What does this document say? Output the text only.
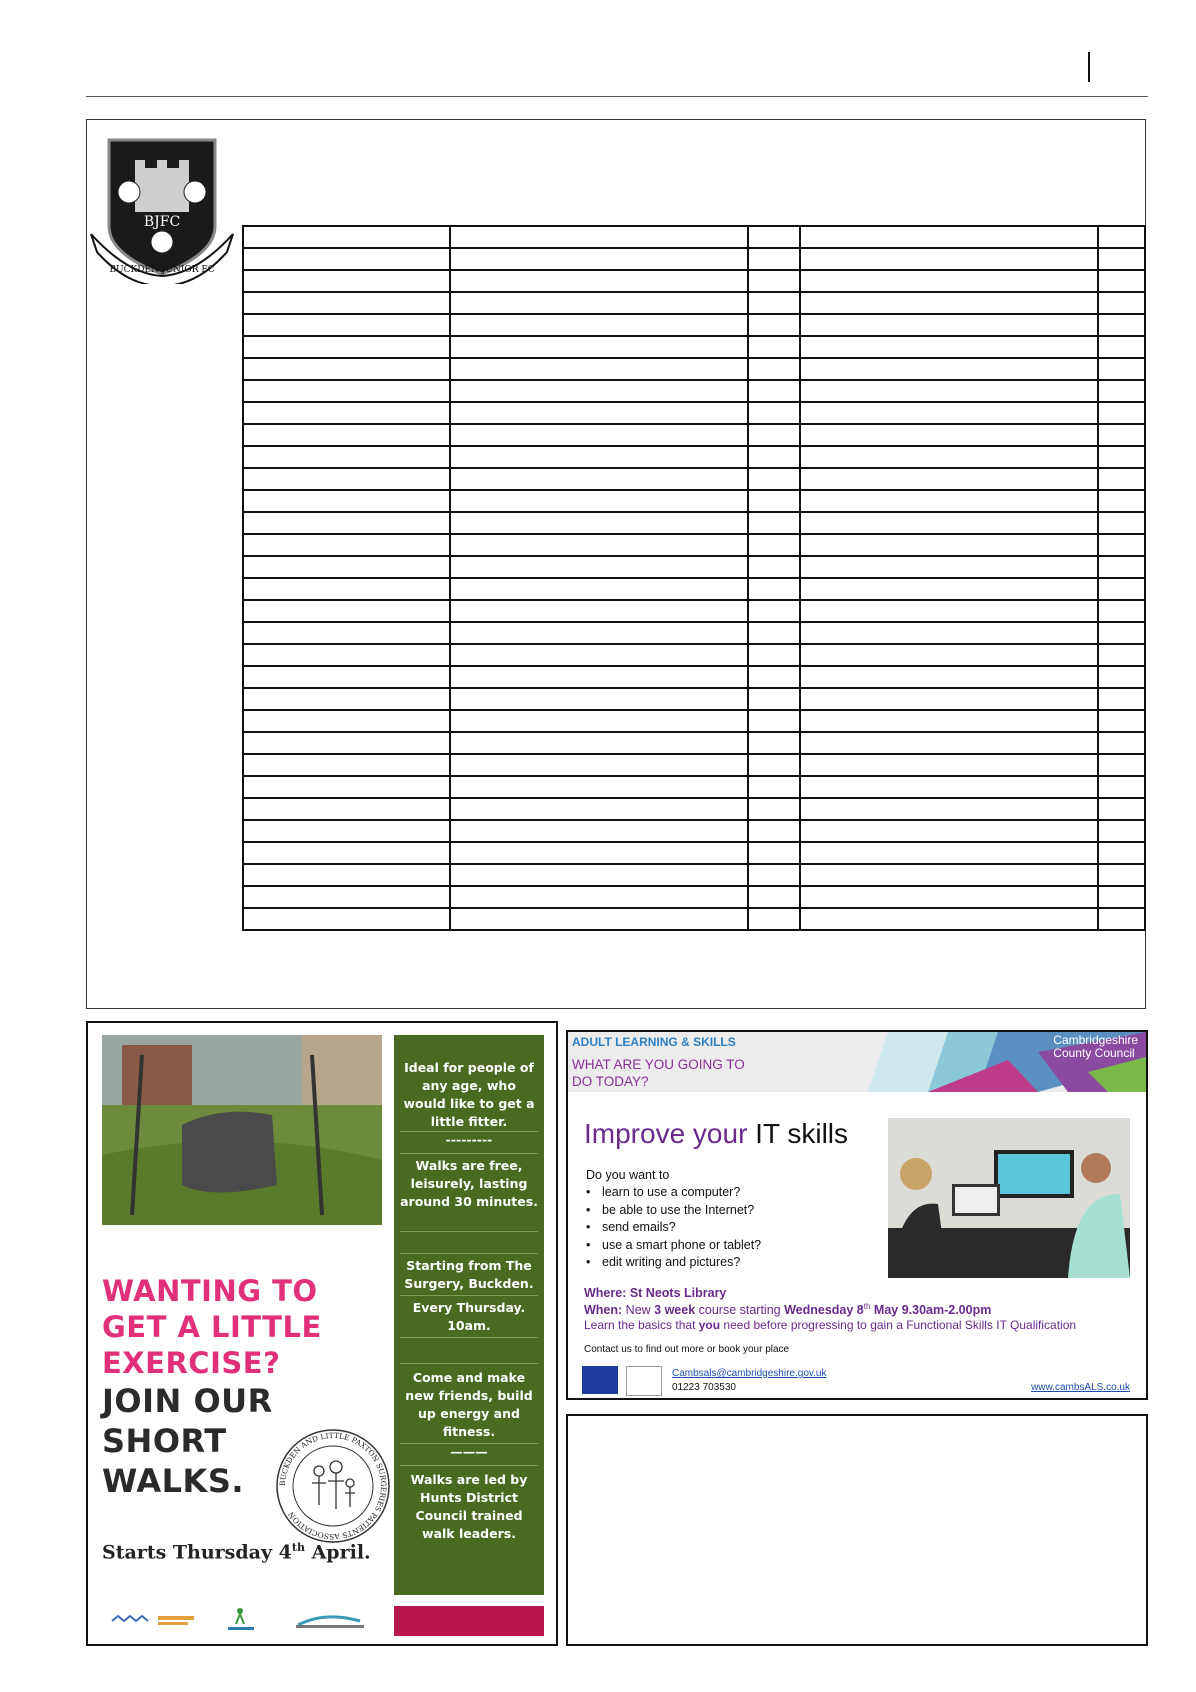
BJFC
BUCKDEN JUNIOR FC

WANTING TO
GET A LITTLE
EXERCISE?
JOIN OUR
SHORT
WALKS.	BUCKDEN AND LITTLE PAXTON SURGERIES PATIENTS ASSOCIATION
Starts Thursday 4th April.

Ideal for people of any age, who would like to get a little fitter.

---------

Walks are free, leisurely, lasting around 30 minutes.

Starting from The Surgery, Buckden.

Every Thursday. 10am.

Come and make new friends, build up energy and fitness.

———

Walks are led by Hunts District Council trained walk leaders.

ADULT LEARNING & SKILLS
WHAT ARE YOU GOING TO
DO TODAY?
Cambridgeshire
County Council
Improve your IT skills
Do you want to
• learn to use a computer?
• be able to use the Internet?
• send emails?
• use a smart phone or tablet?
• edit writing and pictures?
Where: St Neots Library
When: New 3 week course starting Wednesday 8th May 9.30am-2.00pm
Learn the basics that you need before progressing to gain a Functional Skills IT Qualification
Contact us to find out more or book your place
Cambsals@cambridgeshire.gov.uk
01223 703530	www.cambsALS.co.uk
